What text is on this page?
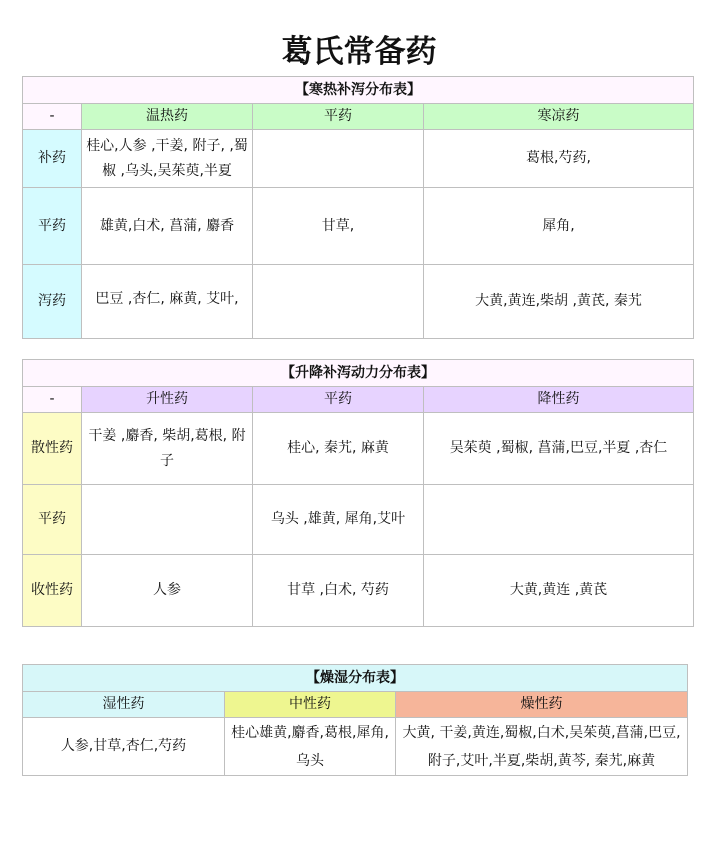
葛氏常备药
【寒热补泻分布表】			
-	温热药	平药	寒凉药
补药	桂心,人参 ,干姜, 附子, ,蜀椒 ,乌头,吴茱萸,半夏		葛根,芍药,
平药	雄黄,白术, 菖蒲, 麝香	甘草,	犀角,
泻药	巴豆 ,杏仁, 麻黄, 艾叶,		大黄,黄连,柴胡 ,黄芪, 秦艽
【升降补泻动力分布表】			
-	升性药	平药	降性药
散性药	干姜 ,麝香, 柴胡,葛根, 附子	桂心, 秦艽, 麻黄	吴茱萸 ,蜀椒, 菖蒲,巴豆,半夏 ,杏仁
平药		乌头 ,雄黄, 犀角,艾叶	
收性药	人参	甘草 ,白术, 芍药	大黄,黄连 ,黄芪
【燥湿分布表】		
湿性药	中性药	燥性药
人参,甘草,杏仁,芍药	桂心雄黄,麝香,葛根,犀角,乌头	大黄, 干姜,黄连,蜀椒,白术,吴茱萸,菖蒲,巴豆,附子,艾叶,半夏,柴胡,黄芩, 秦艽,麻黄
